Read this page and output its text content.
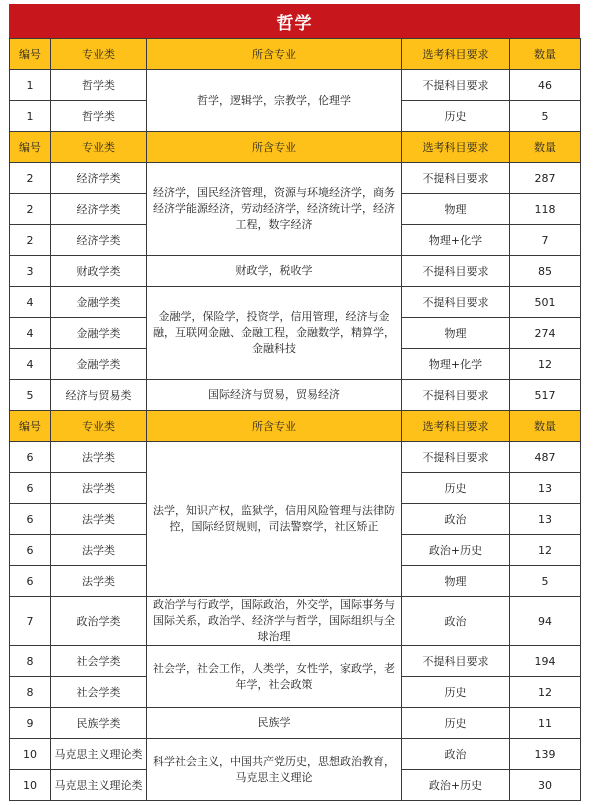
哲学
编号	专业类	所含专业	选考科目要求	数量
1	哲学类	哲学，逻辑学，宗教学，伦理学	不提科目要求	46
1	哲学类		历史	5
编号	专业类	所含专业	选考科目要求	数量
2	经济学类	经济学，国民经济管理，资源与环境经济学，商务经济学能源经济，劳动经济学，经济统计学，经济工程，数字经济	不提科目要求	287
2	经济学类		物理	118
2	经济学类		物理+化学	7
3	财政学类	财政学，税收学	不提科目要求	85
4	金融学类	金融学，保险学，投资学，信用管理，经济与金融，互联网金融、金融工程，金融数学，精算学，金融科技	不提科目要求	501
4	金融学类		物理	274
4	金融学类		物理+化学	12
5	经济与贸易类	国际经济与贸易，贸易经济	不提科目要求	517
编号	专业类	所含专业	选考科目要求	数量
6	法学类	法学，知识产权，监狱学，信用风险管理与法律防控，国际经贸规则，司法警察学，社区矫正	不提科目要求	487
6	法学类		历史	13
6	法学类		政治	13
6	法学类		政治+历史	12
6	法学类		物理	5
7	政治学类	政治学与行政学，国际政治，外交学，国际事务与国际关系，政治学、经济学与哲学，国际组织与全球治理	政治	94
8	社会学类	社会学，社会工作，人类学，女性学，家政学，老年学，社会政策	不提科目要求	194
8	社会学类		历史	12
9	民族学类	民族学	历史	11
10	马克思主义理论类	科学社会主义，中国共产党历史，思想政治教育，马克思主义理论	政治	139
10	马克思主义理论类		政治+历史	30
